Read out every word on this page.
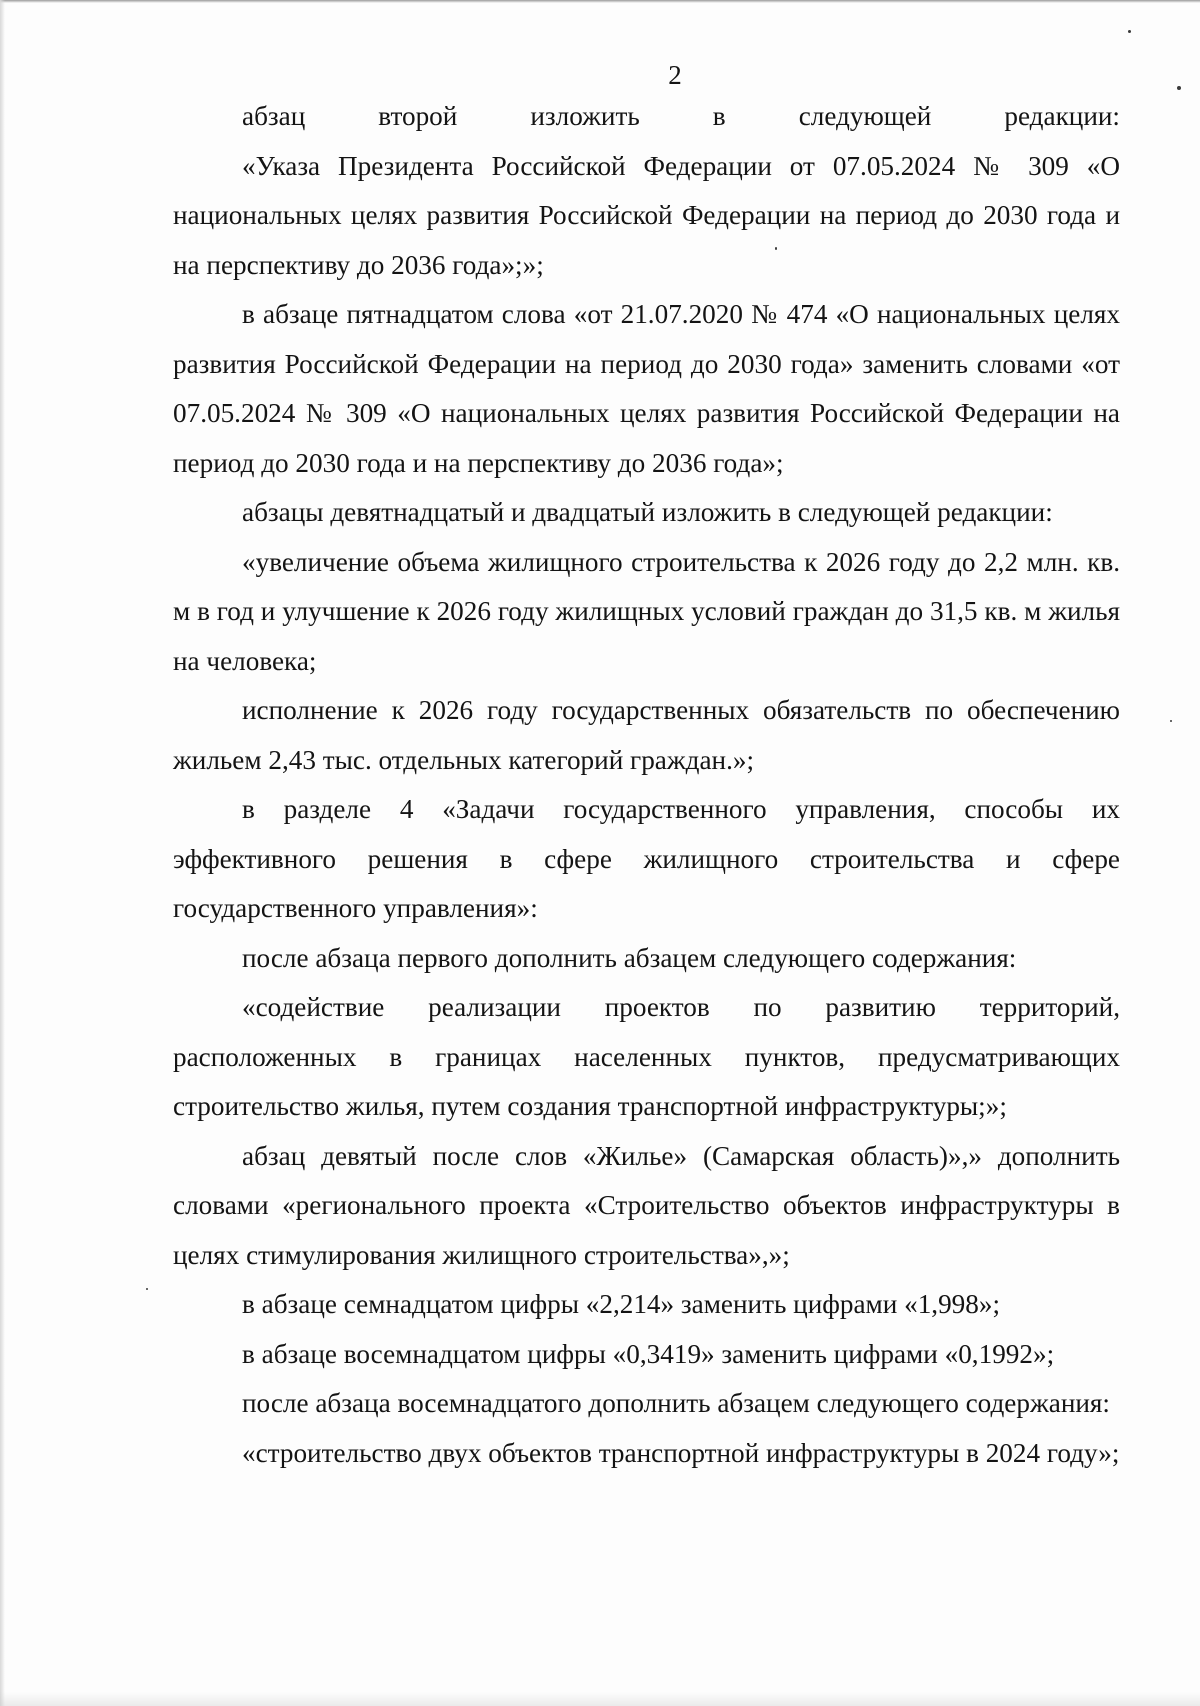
2

абзац второй изложить в следующей редакции:

«Указа Президента Российской Федерации от 07.05.2024 № 309 «О национальных целях развития Российской Федерации на период до 2030 года и на перспективу до 2036 года»;»;

в абзаце пятнадцатом слова «от 21.07.2020 № 474 «О национальных целях развития Российской Федерации на период до 2030 года» заменить словами «от 07.05.2024 № 309 «О национальных целях развития Российской Федерации на период до 2030 года и на перспективу до 2036 года»;

абзацы девятнадцатый и двадцатый изложить в следующей редакции:

«увеличение объема жилищного строительства к 2026 году до 2,2 млн. кв. м в год и улучшение к 2026 году жилищных условий граждан до 31,5 кв. м жилья на человека;

исполнение к 2026 году государственных обязательств по обеспечению жильем 2,43 тыс. отдельных категорий граждан.»;

в разделе 4 «Задачи государственного управления, способы их эффективного решения в сфере жилищного строительства и сфере государственного управления»:

после абзаца первого дополнить абзацем следующего содержания:

«содействие реализации проектов по развитию территорий, расположенных в границах населенных пунктов, предусматривающих строительство жилья, путем создания транспортной инфраструктуры;»;

абзац девятый после слов «Жилье» (Самарская область)»,» дополнить словами «регионального проекта «Строительство объектов инфраструктуры в целях стимулирования жилищного строительства»,»;

в абзаце семнадцатом цифры «2,214» заменить цифрами «1,998»;

в абзаце восемнадцатом цифры «0,3419» заменить цифрами «0,1992»;

после абзаца восемнадцатого дополнить абзацем следующего содержания:

«строительство двух объектов транспортной инфраструктуры в 2024 году»;
